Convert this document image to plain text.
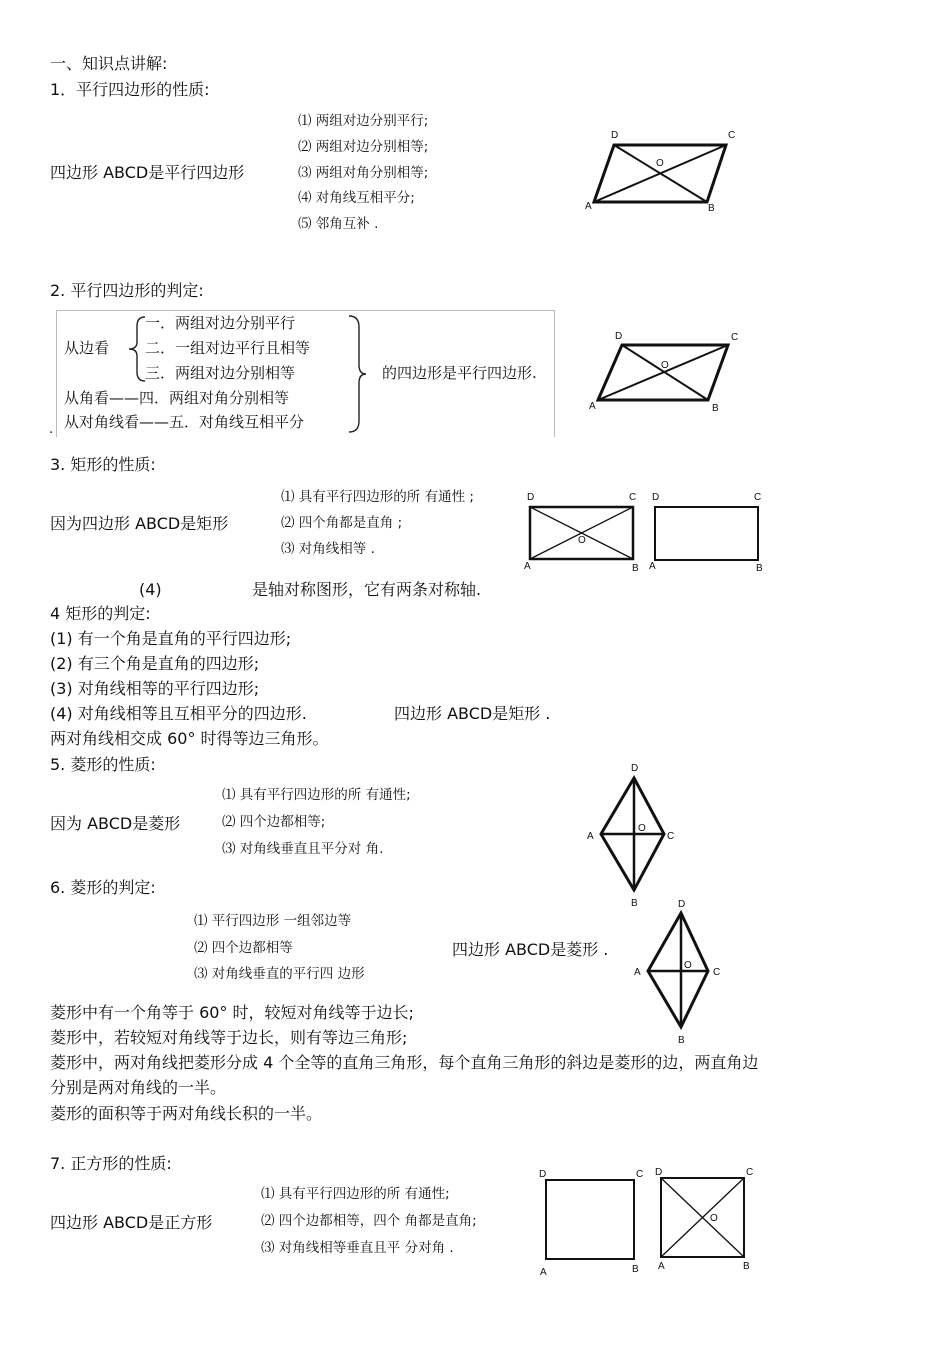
一、知识点讲解:
1．平行四边形的性质:
四边形 ABCD是平行四边形
⑴ 两组对边分别平行;
⑵ 两组对边分别相等;
⑶ 两组对角分别相等;
⑷ 对角线互相平分;
⑸ 邻角互补 .
D	C
A	B
O
D	C
A	B
O
D	C
A	B
O
D	C
A	B
D
C
A
B
O
D
C
A
B
O
D	C
A	B
D	C
A	B
O
2. 平行四边形的判定:
从边看
一．两组对边分别平行
二．一组对边平行且相等
三．两组对边分别相等
从角看——四．两组对角分别相等
从对角线看——五．对角线互相平分
的四边形是平行四边形.
.
3. 矩形的性质:
因为四边形 ABCD是矩形
⑴ 具有平行四边形的所 有通性 ;
⑵ 四个角都是直角 ;
⑶ 对角线相等 .
(4)	是轴对称图形，它有两条对称轴.
4 矩形的判定:
(1) 有一个角是直角的平行四边形;
(2) 有三个角是直角的四边形;
(3) 对角线相等的平行四边形;
(4) 对角线相等且互相平分的四边形.	四边形 ABCD是矩形 .
两对角线相交成 60° 时得等边三角形。
5. 菱形的性质:
因为 ABCD是菱形
⑴ 具有平行四边形的所 有通性;
⑵ 四个边都相等;
⑶ 对角线垂直且平分对 角.
6. 菱形的判定:
⑴ 平行四边形 一组邻边等
⑵ 四个边都相等
⑶ 对角线垂直的平行四 边形
四边形 ABCD是菱形 .
菱形中有一个角等于 60° 时，较短对角线等于边长;
菱形中，若较短对角线等于边长，则有等边三角形;
菱形中，两对角线把菱形分成 4 个全等的直角三角形，每个直角三角形的斜边是菱形的边，两直角边
分别是两对角线的一半。
菱形的面积等于两对角线长积的一半。
7. 正方形的性质:
四边形 ABCD是正方形
⑴ 具有平行四边形的所 有通性;
⑵ 四个边都相等，四个 角都是直角;
⑶ 对角线相等垂直且平 分对角 .
